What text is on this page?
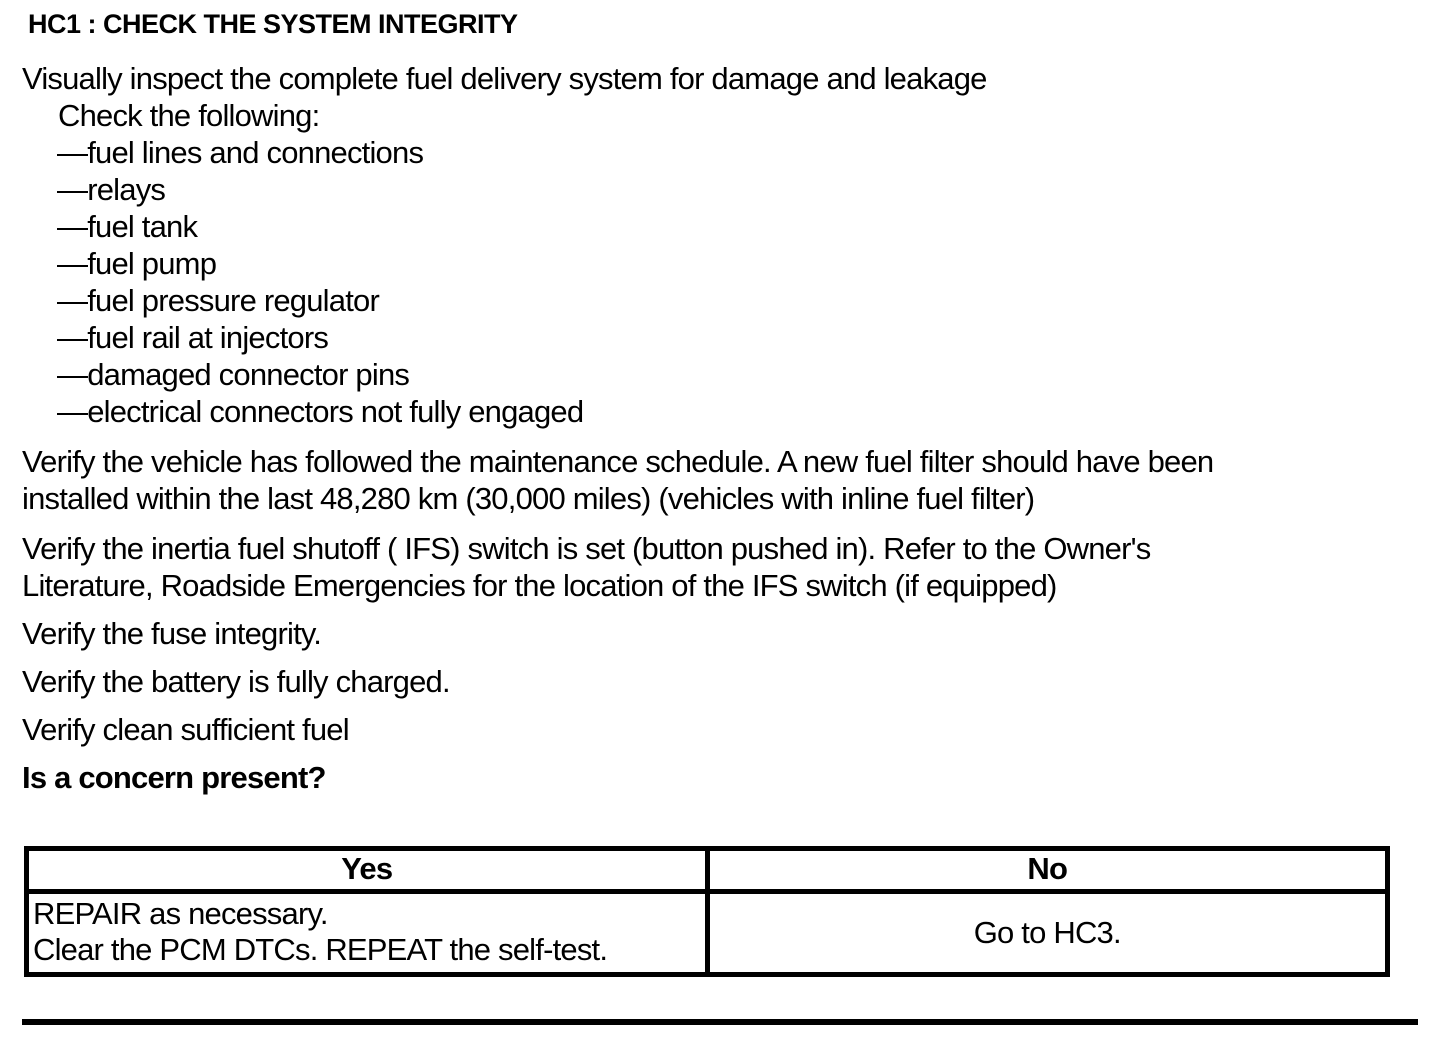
HC1 : CHECK THE SYSTEM INTEGRITY
Visually inspect the complete fuel delivery system for damage and leakage
Check the following:
—fuel lines and connections
—relays
—fuel tank
—fuel pump
—fuel pressure regulator
—fuel rail at injectors
—damaged connector pins
—electrical connectors not fully engaged
Verify the vehicle has followed the maintenance schedule. A new fuel filter should have been
installed within the last 48,280 km (30,000 miles) (vehicles with inline fuel filter)
Verify the inertia fuel shutoff ( IFS) switch is set (button pushed in). Refer to the Owner's
Literature, Roadside Emergencies for the location of the IFS switch (if equipped)
Verify the fuse integrity.
Verify the battery is fully charged.
Verify clean sufficient fuel
Is a concern present?
Yes	No

REPAIR as necessary.
Clear the PCM DTCs. REPEAT the self-test.	Go to HC3.
